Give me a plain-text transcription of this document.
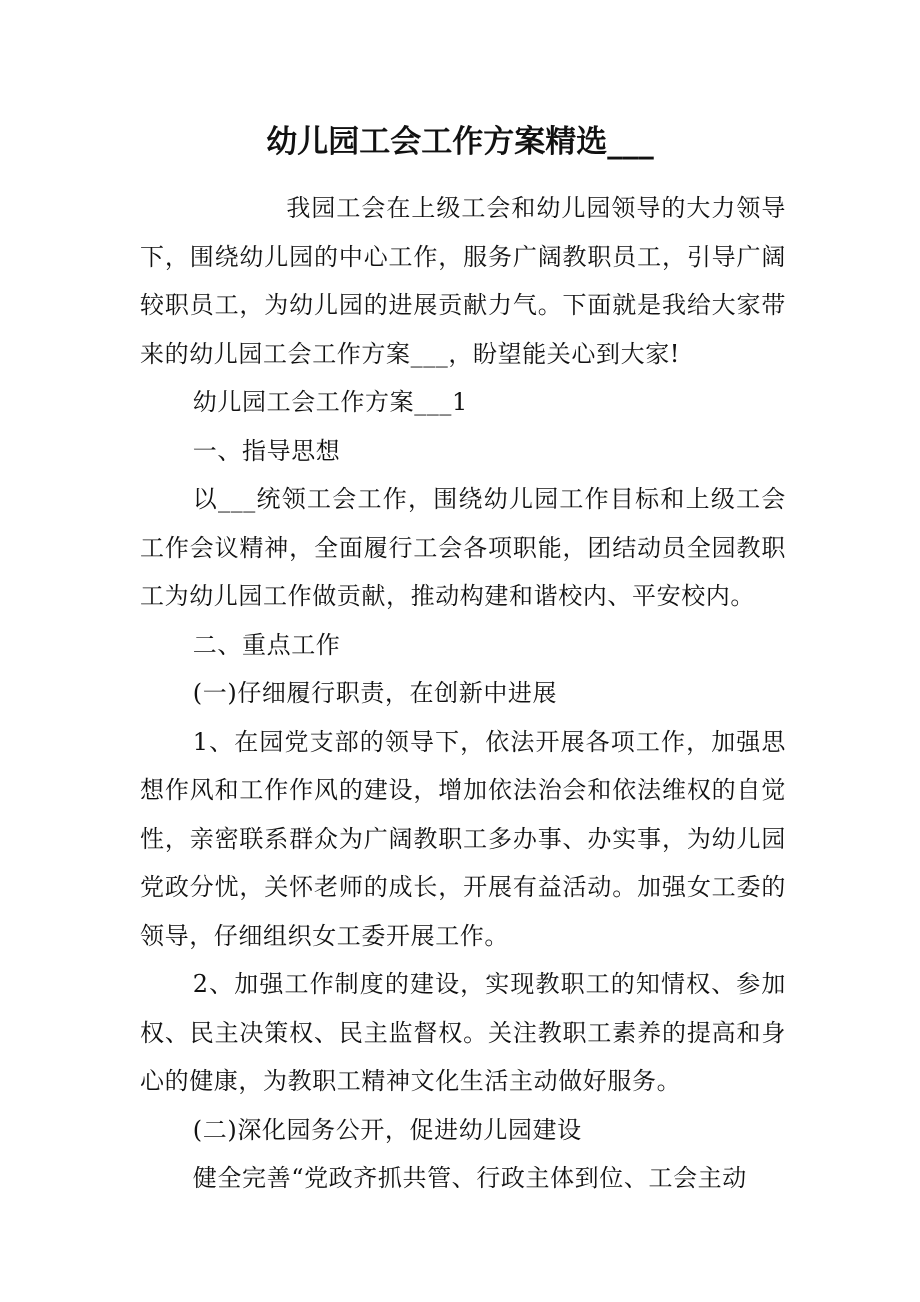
幼儿园工会工作方案精选___

我园工会在上级工会和幼儿园领导的大力领导下，围绕幼儿园的中心工作，服务广阔教职员工，引导广阔较职员工，为幼儿园的进展贡献力气。下面就是我给大家带来的幼儿园工会工作方案___，盼望能关心到大家!

幼儿园工会工作方案___1

一、指导思想

以___统领工会工作，围绕幼儿园工作目标和上级工会工作会议精神，全面履行工会各项职能，团结动员全园教职工为幼儿园工作做贡献，推动构建和谐校内、平安校内。

二、重点工作

(一)仔细履行职责，在创新中进展

1、在园党支部的领导下，依法开展各项工作，加强思想作风和工作作风的建设，增加依法治会和依法维权的自觉性，亲密联系群众为广阔教职工多办事、办实事，为幼儿园党政分忧，关怀老师的成长，开展有益活动。加强女工委的领导，仔细组织女工委开展工作。

2、加强工作制度的建设，实现教职工的知情权、参加权、民主决策权、民主监督权。关注教职工素养的提高和身心的健康，为教职工精神文化生活主动做好服务。

(二)深化园务公开，促进幼儿园建设

健全完善“党政齐抓共管、行政主体到位、工会主动
